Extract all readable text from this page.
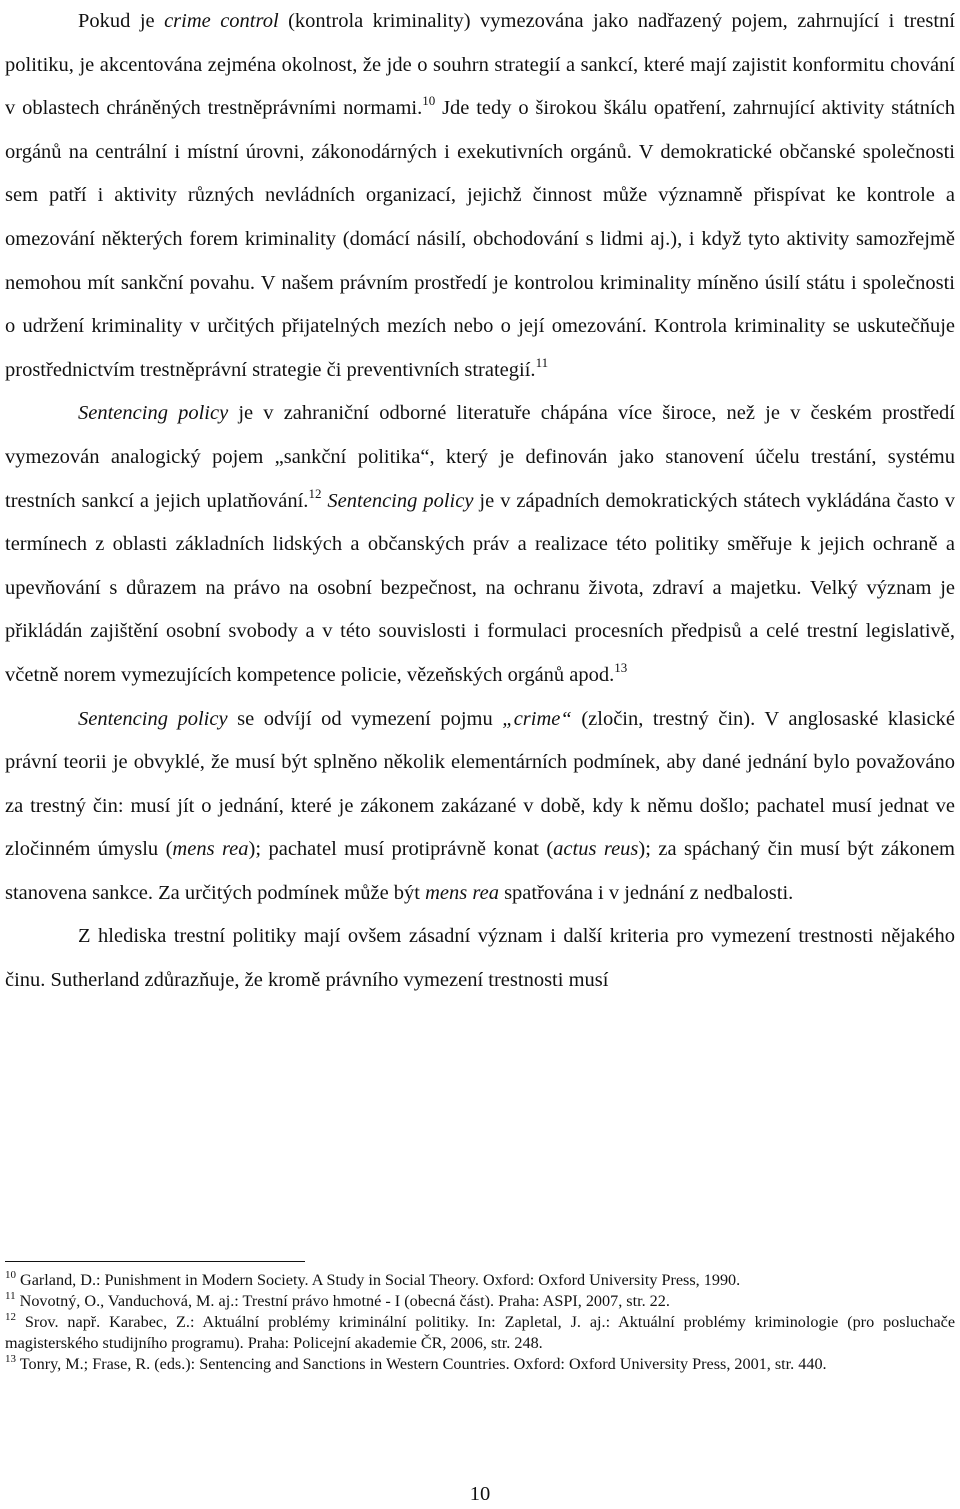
Pokud je crime control (kontrola kriminality) vymezována jako nadřazený pojem, zahrnující i trestní politiku, je akcentována zejména okolnost, že jde o souhrn strategií a sankcí, které mají zajistit konformitu chování v oblastech chráněných trestněprávními normami.$^{10}$ Jde tedy o širokou škálu opatření, zahrnující aktivity státních orgánů na centrální i místní úrovni, zákonodárných i exekutivních orgánů. V demokratické občanské společnosti sem patří i aktivity různých nevládních organizací, jejichž činnost může významně přispívat ke kontrole a omezování některých forem kriminality (domácí násilí, obchodování s lidmi aj.), i když tyto aktivity samozřejmě nemohou mít sankční povahu. V našem právním prostředí je kontrolou kriminality míněno úsilí státu i společnosti o udržení kriminality v určitých přijatelných mezích nebo o její omezování. Kontrola kriminality se uskutečňuje prostřednictvím trestněprávní strategie či preventivních strategií.$^{11}$

Sentencing policy je v zahraniční odborné literatuře chápána více široce, než je v českém prostředí vymezován analogický pojem „sankční politika“, který je definován jako stanovení účelu trestání, systému trestních sankcí a jejich uplatňování.$^{12}$ Sentencing policy je v západních demokratických státech vykládána často v termínech z oblasti základních lidských a občanských práv a realizace této politiky směřuje k jejich ochraně a upevňování s důrazem na právo na osobní bezpečnost, na ochranu života, zdraví a majetku. Velký význam je přikládán zajištění osobní svobody a v této souvislosti i formulaci procesních předpisů a celé trestní legislativě, včetně norem vymezujících kompetence policie, vězeňských orgánů apod.$^{13}$

Sentencing policy se odvíjí od vymezení pojmu „crime“ (zločin, trestný čin). V anglosaské klasické právní teorii je obvyklé, že musí být splněno několik elementárních podmínek, aby dané jednání bylo považováno za trestný čin: musí jít o jednání, které je zákonem zakázané v době, kdy k němu došlo; pachatel musí jednat ve zločinném úmyslu (mens rea); pachatel musí protiprávně konat (actus reus); za spáchaný čin musí být zákonem stanovena sankce. Za určitých podmínek může být mens rea spatřována i v jednání z nedbalosti.

Z hlediska trestní politiky mají ovšem zásadní význam i další kriteria pro vymezení trestnosti nějakého činu. Sutherland zdůrazňuje, že kromě právního vymezení trestnosti musí

$^{10}$ Garland, D.: Punishment in Modern Society. A Study in Social Theory. Oxford: Oxford University Press, 1990.

$^{11}$ Novotný, O., Vanduchová, M. aj.: Trestní právo hmotné - I (obecná část). Praha: ASPI, 2007, str. 22.

$^{12}$ Srov. např. Karabec, Z.: Aktuální problémy kriminální politiky. In: Zapletal, J. aj.: Aktuální problémy kriminologie (pro posluchače magisterského studijního programu). Praha: Policejní akademie ČR, 2006, str. 248.

$^{13}$ Tonry, M.; Frase, R. (eds.): Sentencing and Sanctions in Western Countries. Oxford: Oxford University Press, 2001, str. 440.

10
